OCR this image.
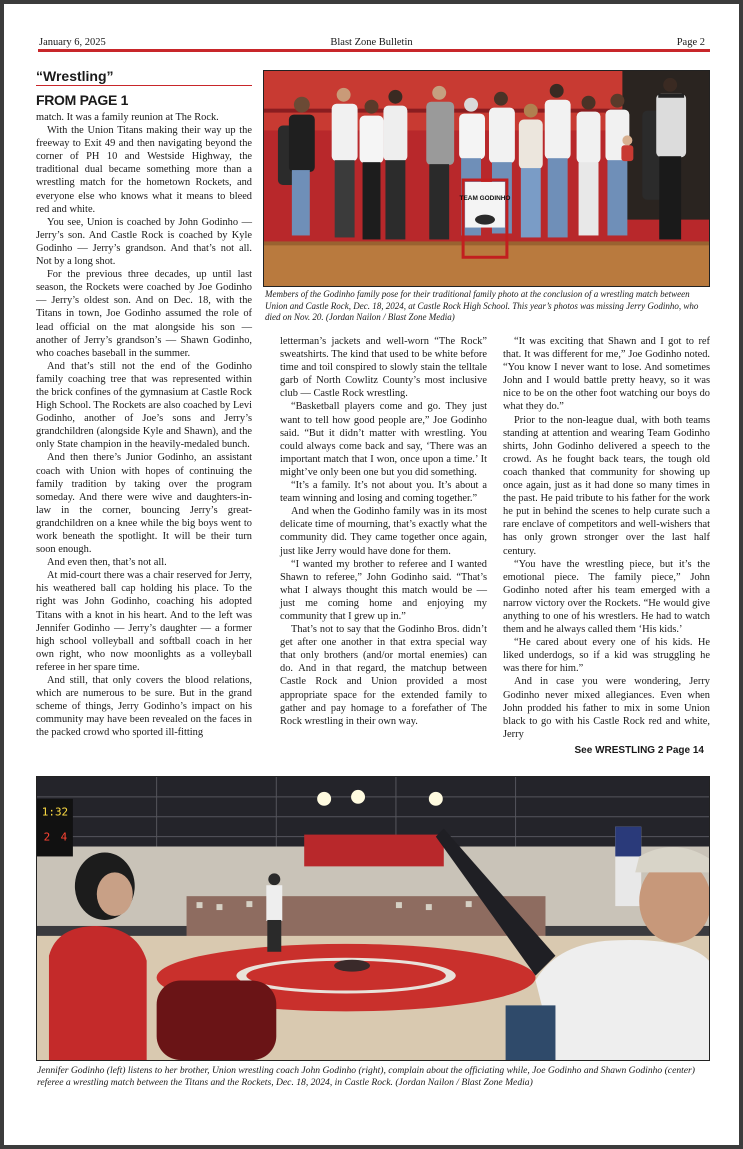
January 6, 2025	Blast Zone Bulletin	Page 2
“Wrestling”
FROM PAGE 1

match. It was a family reunion at The Rock.

With the Union Titans making their way up the freeway to Exit 49 and then navigating beyond the corner of PH 10 and Westside Highway, the traditional dual became something more than a wrestling match for the hometown Rockets, and everyone else who knows what it means to bleed red and white.

You see, Union is coached by John Godinho — Jerry’s son. And Castle Rock is coached by Kyle Godinho — Jerry’s grandson. And that’s not all. Not by a long shot.

For the previous three decades, up until last season, the Rockets were coached by Joe Godinho — Jerry’s oldest son. And on Dec. 18, with the Titans in town, Joe Godinho assumed the role of lead official on the mat alongside his son — another of Jerry’s grandson’s — Shawn Godinho, who coaches baseball in the summer.

And that’s still not the end of the Godinho family coaching tree that was represented within the brick confines of the gymnasium at Castle Rock High School. The Rockets are also coached by Levi Godinho, another of Joe’s sons and Jerry’s grandchildren (alongside Kyle and Shawn), and the only State champion in the heavily-medaled bunch.

And then there’s Junior Godinho, an assistant coach with Union with hopes of continuing the family tradition by taking over the program someday. And there were wive and daughters-in-law in the corner, bouncing Jerry’s great-grandchildren on a knee while the big boys went to work beneath the spotlight. It will be their turn soon enough.

And even then, that’s not all.

At mid-court there was a chair reserved for Jerry, his weathered ball cap holding his place. To the right was John Godinho, coaching his adopted Titans with a knot in his heart. And to the left was Jennifer Godinho — Jerry’s daughter — a former high school volleyball and softball coach in her own right, who now moonlights as a volleyball referee in her spare time.

And still, that only covers the blood relations, which are numerous to be sure. But in the grand scheme of things, Jerry Godinho’s impact on his community may have been revealed on the faces in the packed crowd who sported ill-fitting

TEAM GODINHO
Members of the Godinho family pose for their traditional family photo at the conclusion of a wrestling match between Union and Castle Rock, Dec. 18, 2024, at Castle Rock High School. This year’s photos was missing Jerry Godinho, who died on Nov. 20. (Jordan Nailon / Blast Zone Media)

letterman’s jackets and well-worn “The Rock” sweatshirts. The kind that used to be white before time and toil conspired to slowly stain the telltale garb of North Cowlitz County’s most inclusive club — Castle Rock wrestling.

“Basketball players come and go. They just want to tell how good people are,” Joe Godinho said. “But it didn’t matter with wrestling. You could always come back and say, ‘There was an important match that I won, once upon a time.’ It might’ve only been one but you did something.

“It’s a family. It’s not about you. It’s about a team winning and losing and coming together.”

And when the Godinho family was in its most delicate time of mourning, that’s exactly what the community did. They came together once again, just like Jerry would have done for them.

“I wanted my brother to referee and I wanted Shawn to referee,” John Godinho said. “That’s what I always thought this match would be — just me coming home and enjoying my community that I grew up in.”

That’s not to say that the Godinho Bros. didn’t get after one another in that extra special way that only brothers (and/or mortal enemies) can do. And in that regard, the matchup between Castle Rock and Union provided a most appropriate space for the extended family to gather and pay homage to a forefather of The Rock wrestling in their own way.

“It was exciting that Shawn and I got to ref that. It was different for me,” Joe Godinho noted. “You know I never want to lose. And sometimes John and I would battle pretty heavy, so it was nice to be on the other foot watching our boys do what they do.”

Prior to the non-league dual, with both teams standing at attention and wearing Team Godinho shirts, John Godinho delivered a speech to the crowd. As he fought back tears, the tough old coach thanked that community for showing up once again, just as it had done so many times in the past. He paid tribute to his father for the work he put in behind the scenes to help curate such a rare enclave of competitors and well-wishers that has only grown stronger over the last half century.

“You have the wrestling piece, but it’s the emotional piece. The family piece,” John Godinho noted after his team emerged with a narrow victory over the Rockets. “He would give anything to one of his wrestlers. He had to watch them and he always called them ‘His kids.’

“He cared about every one of his kids. He liked underdogs, so if a kid was struggling he was there for him.”

And in case you were wondering, Jerry Godinho never mixed allegiances. Even when John prodded his father to mix in some Union black to go with his Castle Rock red and white, Jerry

See WRESTLING 2 Page 14
1:32
2 4
Jennifer Godinho (left) listens to her brother, Union wrestling coach John Godinho (right), complain about the officiating while, Joe Godinho and Shawn Godinho (center) referee a wrestling match between the Titans and the Rockets, Dec. 18, 2024, in Castle Rock. (Jordan Nailon / Blast Zone Media)
